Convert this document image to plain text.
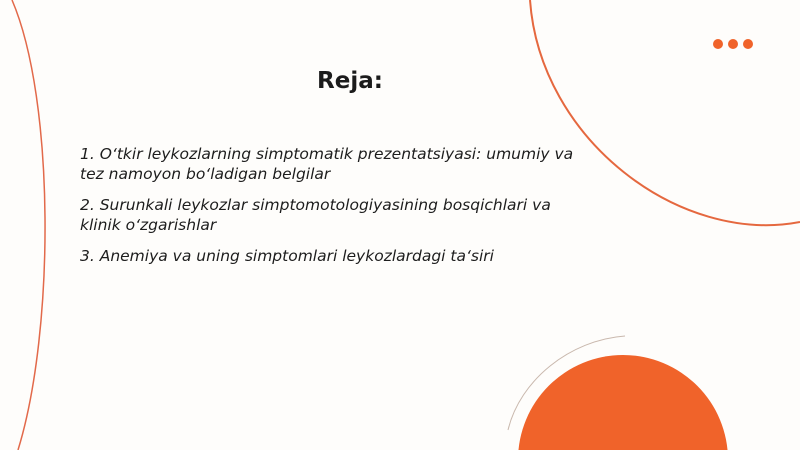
Reja:
1. O‘tkir leykozlarning simptomatik prezentatsiyasi: umumiy va tez namoyon bo‘ladigan belgilar
2. Surunkali leykozlar simptomotologiyasining bosqichlari va klinik o‘zgarishlar
3. Anemiya va uning simptomlari leykozlardagi ta‘siri
